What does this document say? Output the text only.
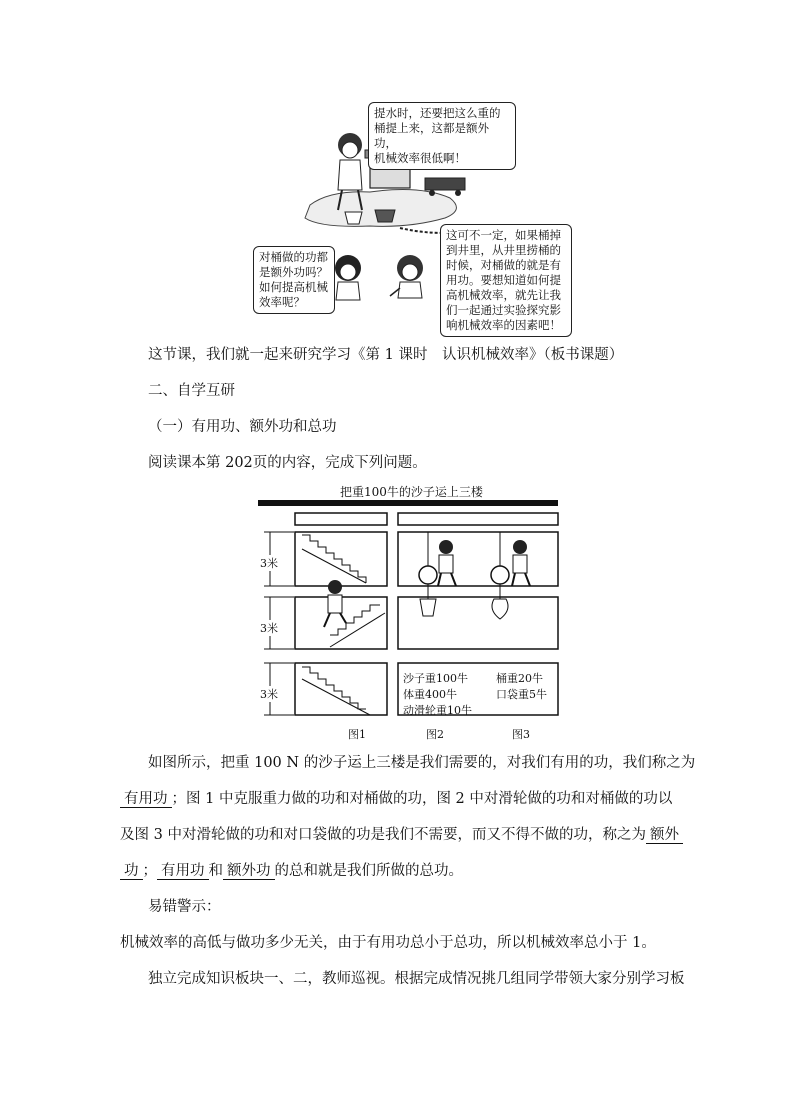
提水时，还要把这么重的
桶提上来，这都是额外功，
机械效率很低啊！
对桶做的功都
是额外功吗？
如何提高机械
效率呢？
这可不一定，如果桶掉
到井里，从井里捞桶的
时候，对桶做的就是有
用功。要想知道如何提
高机械效率，就先让我
们一起通过实验探究影
响机械效率的因素吧！
这节课，我们就一起来研究学习《第 1 课时　认识机械效率》（板书课题）
二、自学互研
（一）有用功、额外功和总功
阅读课本第 202页的内容，完成下列问题。
把重100牛的沙子运上三楼
3米
3米
3米
沙子重100牛	桶重20牛
体重400牛	口袋重5牛
动滑轮重10牛
图1	图2	图3
如图所示，把重 100 N 的沙子运上三楼是我们需要的，对我们有用的功，我们称之为
有用功 ；图 1 中克服重力做的功和对桶做的功，图 2 中对滑轮做的功和对桶做的功以
及图 3 中对滑轮做的功和对口袋做的功是我们不需要，而又不得不做的功，称之为 额外
功 ； 有用功 和 额外功 的总和就是我们所做的总功。
易错警示：
机械效率的高低与做功多少无关，由于有用功总小于总功，所以机械效率总小于 1。
独立完成知识板块一、二，教师巡视。根据完成情况挑几组同学带领大家分别学习板
